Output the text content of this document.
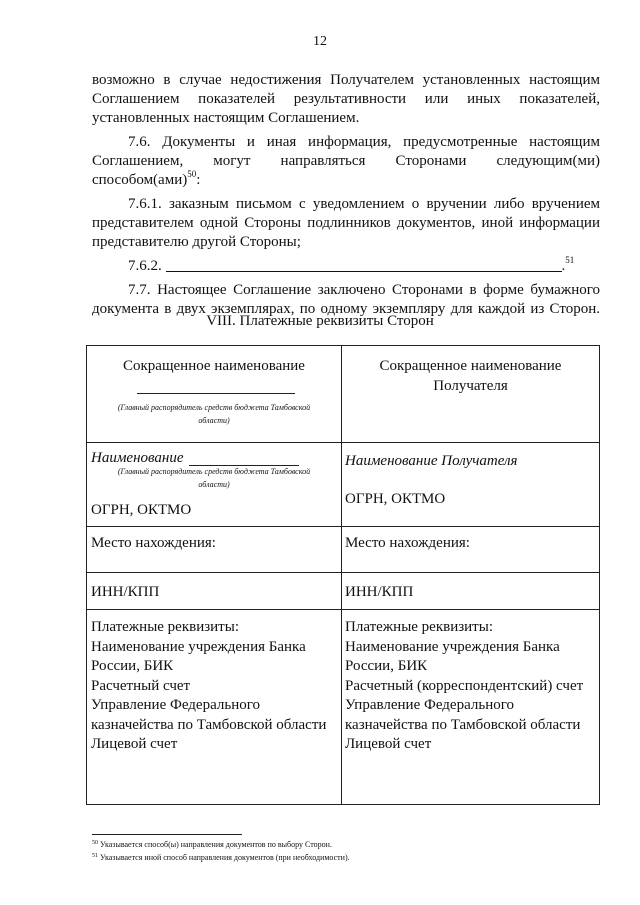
12
возможно в случае недостижения Получателем установленных настоящим
Соглашением показателей результативности или иных показателей,
установленных настоящим Соглашением.
7.6. Документы и иная информация, предусмотренные настоящим
Соглашением, могут направляться Сторонами следующим(ми)
способом(ами)$^{50}$:
7.6.1. заказным письмом с уведомлением о вручении либо вручением
представителем одной Стороны подлинников документов, иной информации
представителю другой Стороны;
7.6.2.	.$^{51}$
7.7. Настоящее Соглашение заключено Сторонами в форме бумажного
документа в двух экземплярах, по одному экземпляру для каждой из Сторон.
VIII. Платежные реквизиты Сторон
Сокращенное наименование
(Главный распорядитель средств бюджета Тамбовской
области)
Наименование
(Главный распорядитель средств бюджета Тамбовской
области)
ОГРН, ОКТМО
Место нахождения:
ИНН/КПП
Платежные реквизиты:
Наименование учреждения Банка
России, БИК
Расчетный счет
Управление Федерального
казначейства по Тамбовской области
Лицевой счет
Сокращенное наименование
Получателя
Наименование Получателя
ОГРН, ОКТМО
Место нахождения:
ИНН/КПП
Платежные реквизиты:
Наименование учреждения Банка
России, БИК
Расчетный (корреспондентский) счет
Управление Федерального
казначейства по Тамбовской области
Лицевой счет
$^{50}$ Указывается способ(ы) направления документов по выбору Сторон.
$^{51}$ Указывается иной способ направления документов (при необходимости).
